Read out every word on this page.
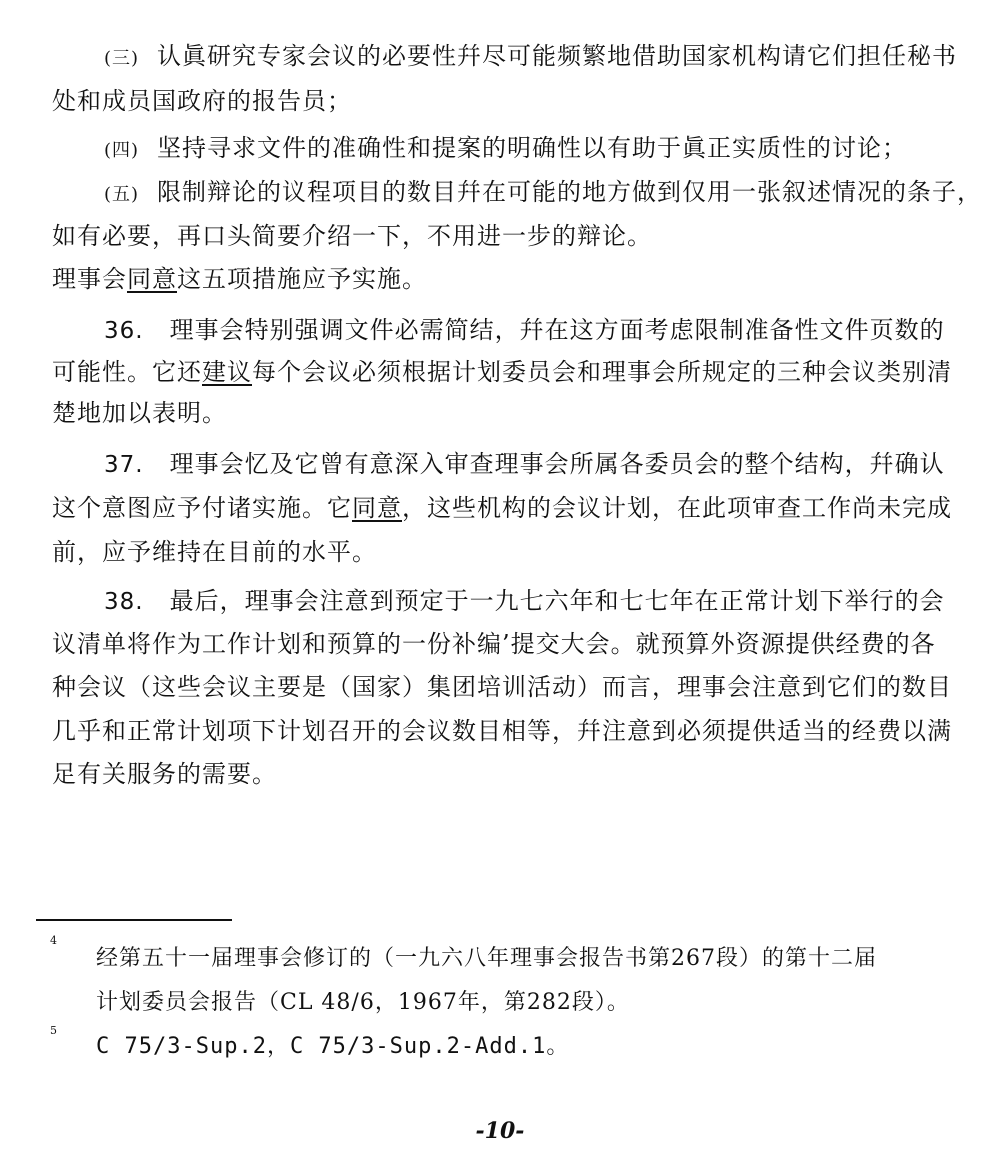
(三) 认眞研究专家会议的必要性幷尽可能频繁地借助国家机构请它们担任秘书
处和成员国政府的报告员；
(四) 坚持寻求文件的准确性和提案的明确性以有助于眞正实质性的讨论；
(五) 限制辩论的议程项目的数目幷在可能的地方做到仅用一张叙述情况的条子，
如有必要，再口头简要介绍一下，不用进一步的辩论。
理事会同意这五项措施应予实施。
36. 理事会特别强调文件必需简结，幷在这方面考虑限制准备性文件页数的
可能性。它还建议每个会议必须根据计划委员会和理事会所规定的三种会议类别清
楚地加以表明。
37. 理事会忆及它曾有意深入审查理事会所属各委员会的整个结构，幷确认
这个意图应予付诸实施。它同意，这些机构的会议计划，在此项审查工作尚未完成
前，应予维持在目前的水平。
38. 最后，理事会注意到预定于一九七六年和七七年在正常计划下举行的会
议清单将作为工作计划和预算的一份补编’提交大会。就预算外资源提供经费的各
种会议（这些会议主要是（国家）集团培训活动）而言，理事会注意到它们的数目
几乎和正常计划项下计划召开的会议数目相等，幷注意到必须提供适当的经费以满
足有关服务的需要。
4
经第五十一届理事会修订的（一九六八年理事会报告书第267段）的第十二届
计划委员会报告（CL 48/6，1967年，第282段）。
5
C 75/3-Sup.2，C 75/3-Sup.2-Add.1。
-10-
